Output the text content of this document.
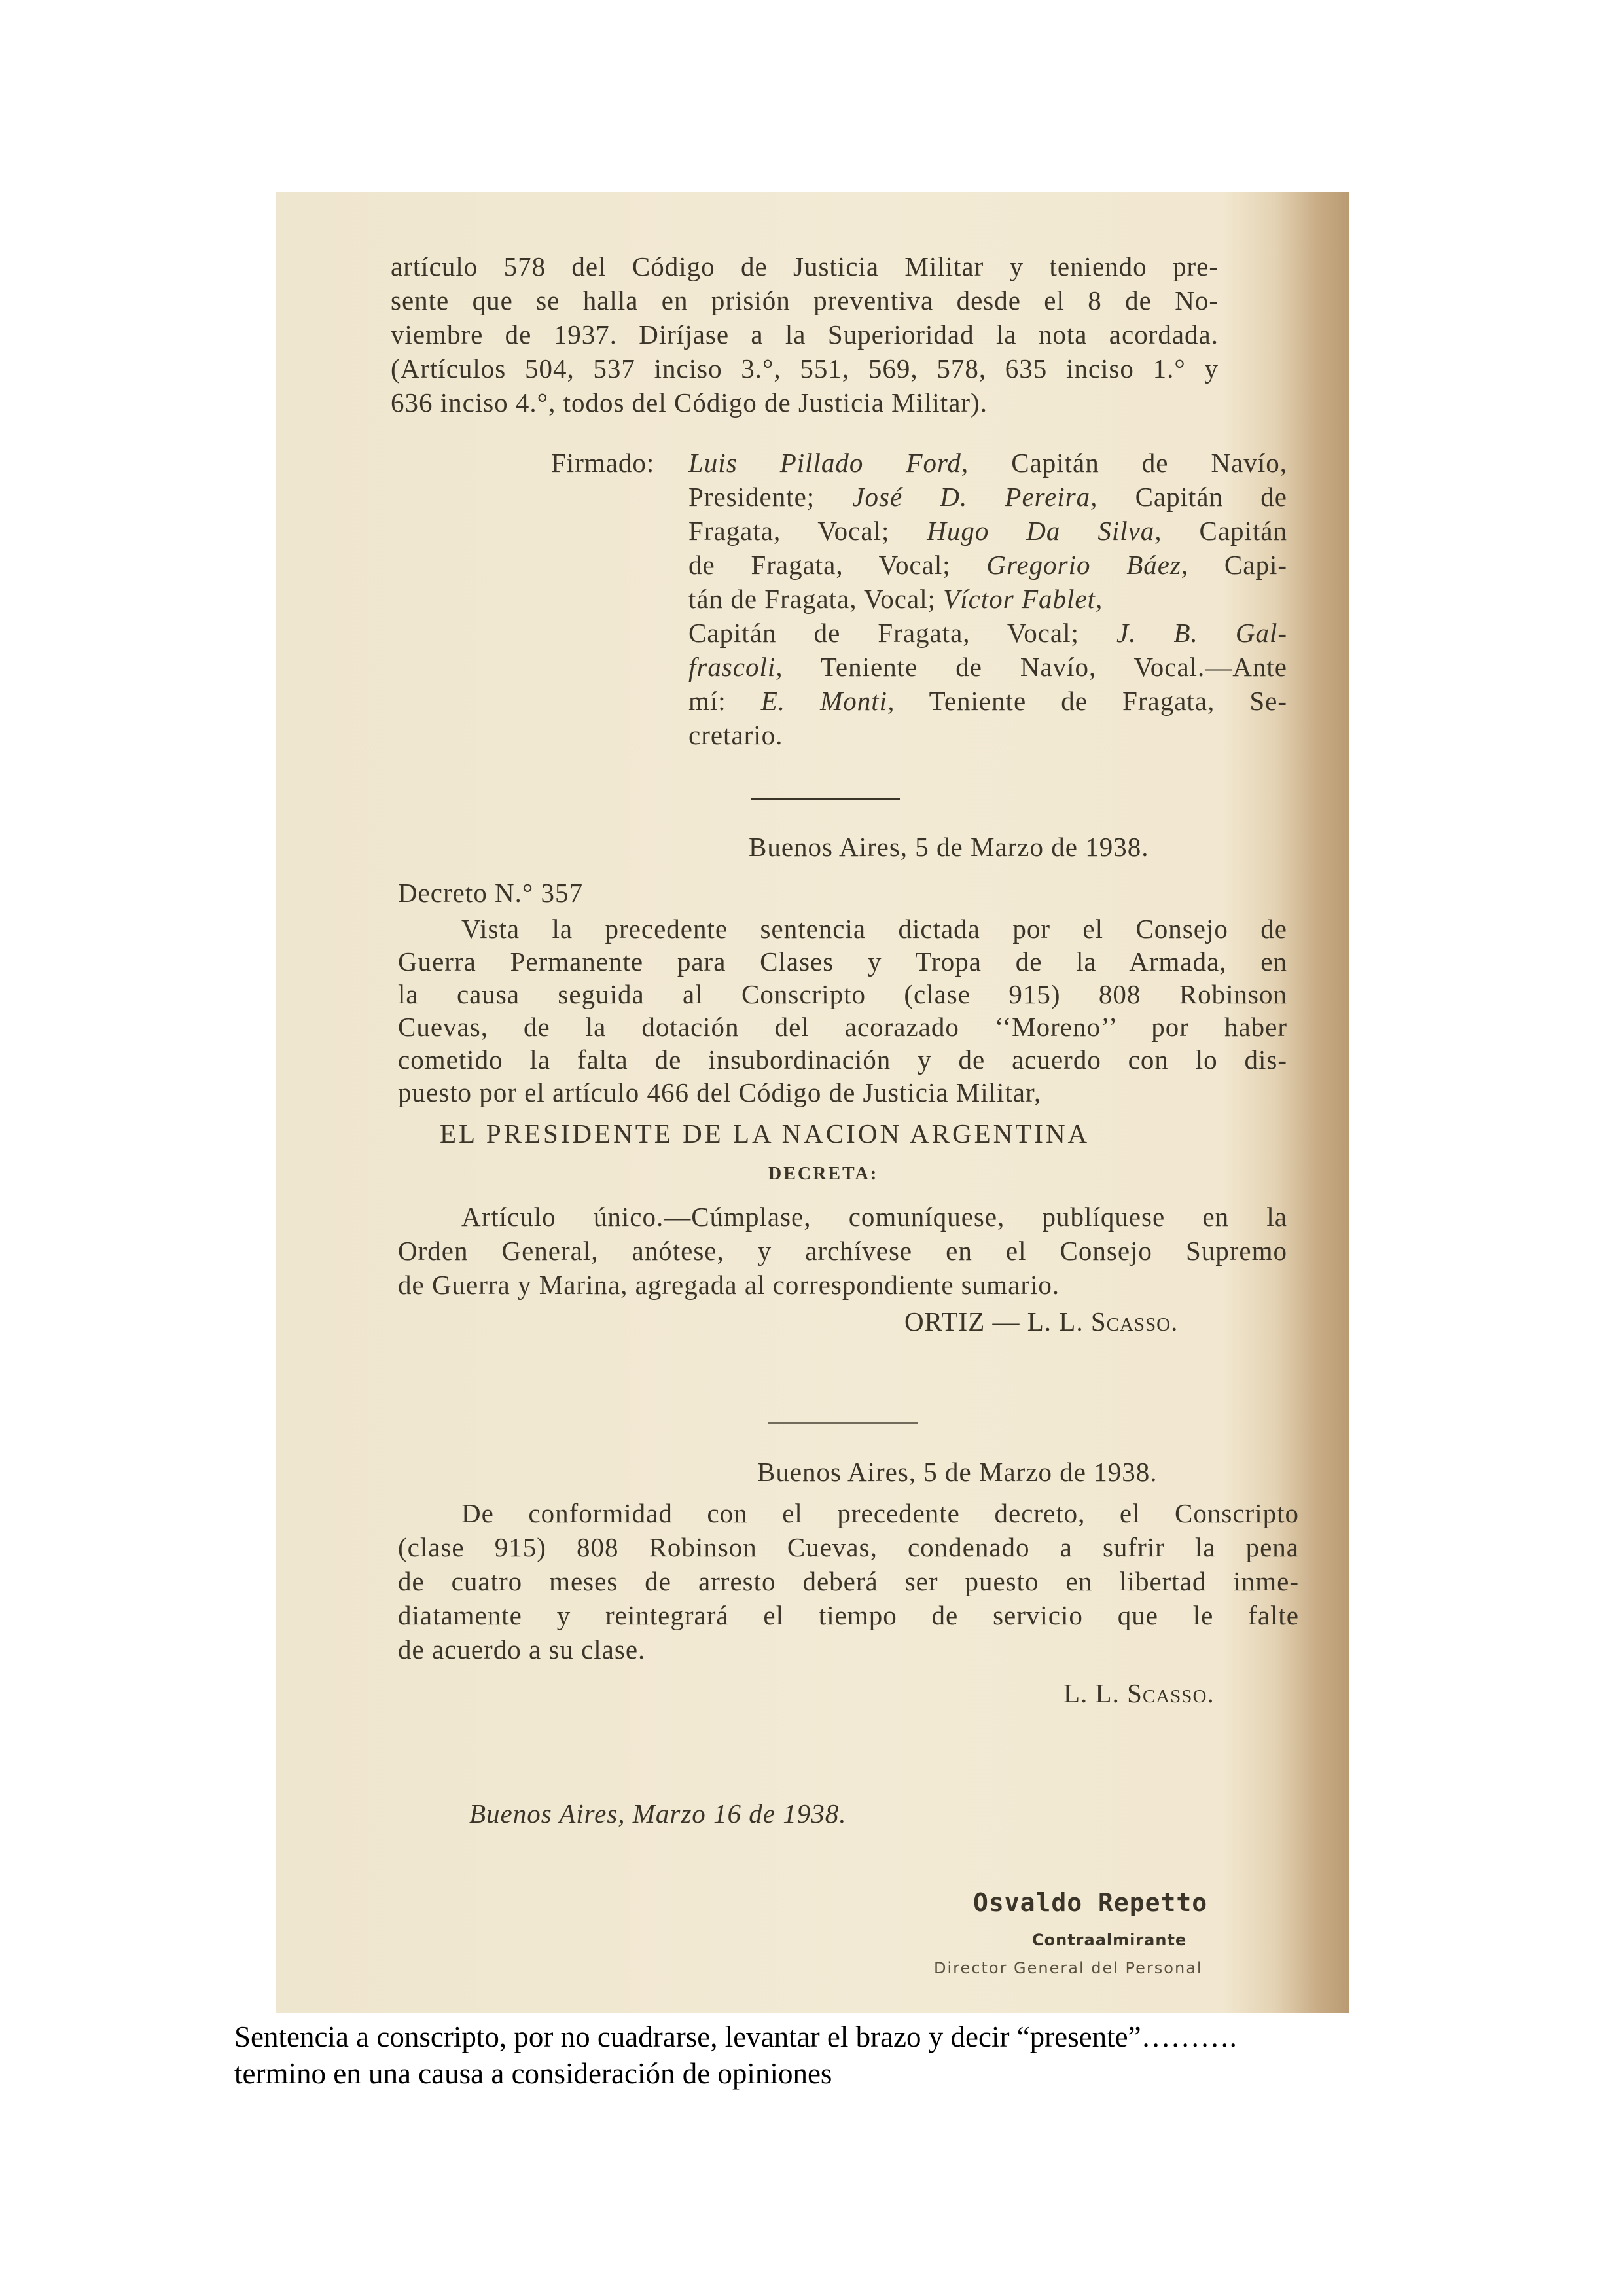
artículo 578 del Código de Justicia Militar y teniendo pre-
sente que se halla en prisión preventiva desde el 8 de No-
viembre de 1937. Diríjase a la Superioridad la nota acordada.
(Artículos 504, 537 inciso 3.°, 551, 569, 578, 635 inciso 1.° y
636 inciso 4.°, todos del Código de Justicia Militar).
Firmado: Luis Pillado Ford, Capitán de Navío,
Presidente; José D. Pereira, Capitán de
Fragata, Vocal; Hugo Da Silva, Capitán
de Fragata, Vocal; Gregorio Báez, Capi-
tán de Fragata, Vocal; Víctor Fablet,
Capitán de Fragata, Vocal; J. B. Gal-
frascoli, Teniente de Navío, Vocal.—Ante
mí: E. Monti, Teniente de Fragata, Se-
cretario.
Buenos Aires, 5 de Marzo de 1938.
Decreto N.° 357
Vista la precedente sentencia dictada por el Consejo de
Guerra Permanente para Clases y Tropa de la Armada, en
la causa seguida al Conscripto (clase 915) 808 Robinson
Cuevas, de la dotación del acorazado ‘‘Moreno’’ por haber
cometido la falta de insubordinación y de acuerdo con lo dis-
puesto por el artículo 466 del Código de Justicia Militar,
EL PRESIDENTE DE LA NACION ARGENTINA
DECRETA:
Artículo único.—Cúmplase, comuníquese, publíquese en la
Orden General, anótese, y archívese en el Consejo Supremo
de Guerra y Marina, agregada al correspondiente sumario.
ORTIZ — L. L. Scasso.
Buenos Aires, 5 de Marzo de 1938.
De conformidad con el precedente decreto, el Conscripto
(clase 915) 808 Robinson Cuevas, condenado a sufrir la pena
de cuatro meses de arresto deberá ser puesto en libertad inme-
diatamente y reintegrará el tiempo de servicio que le falte
de acuerdo a su clase.
L. L. Scasso.
Buenos Aires, Marzo 16 de 1938.
Osvaldo Repetto
Contraalmirante
Director General del Personal
Sentencia a conscripto, por no cuadrarse, levantar el brazo y decir “presente”……….
termino en una causa a consideración de opiniones
